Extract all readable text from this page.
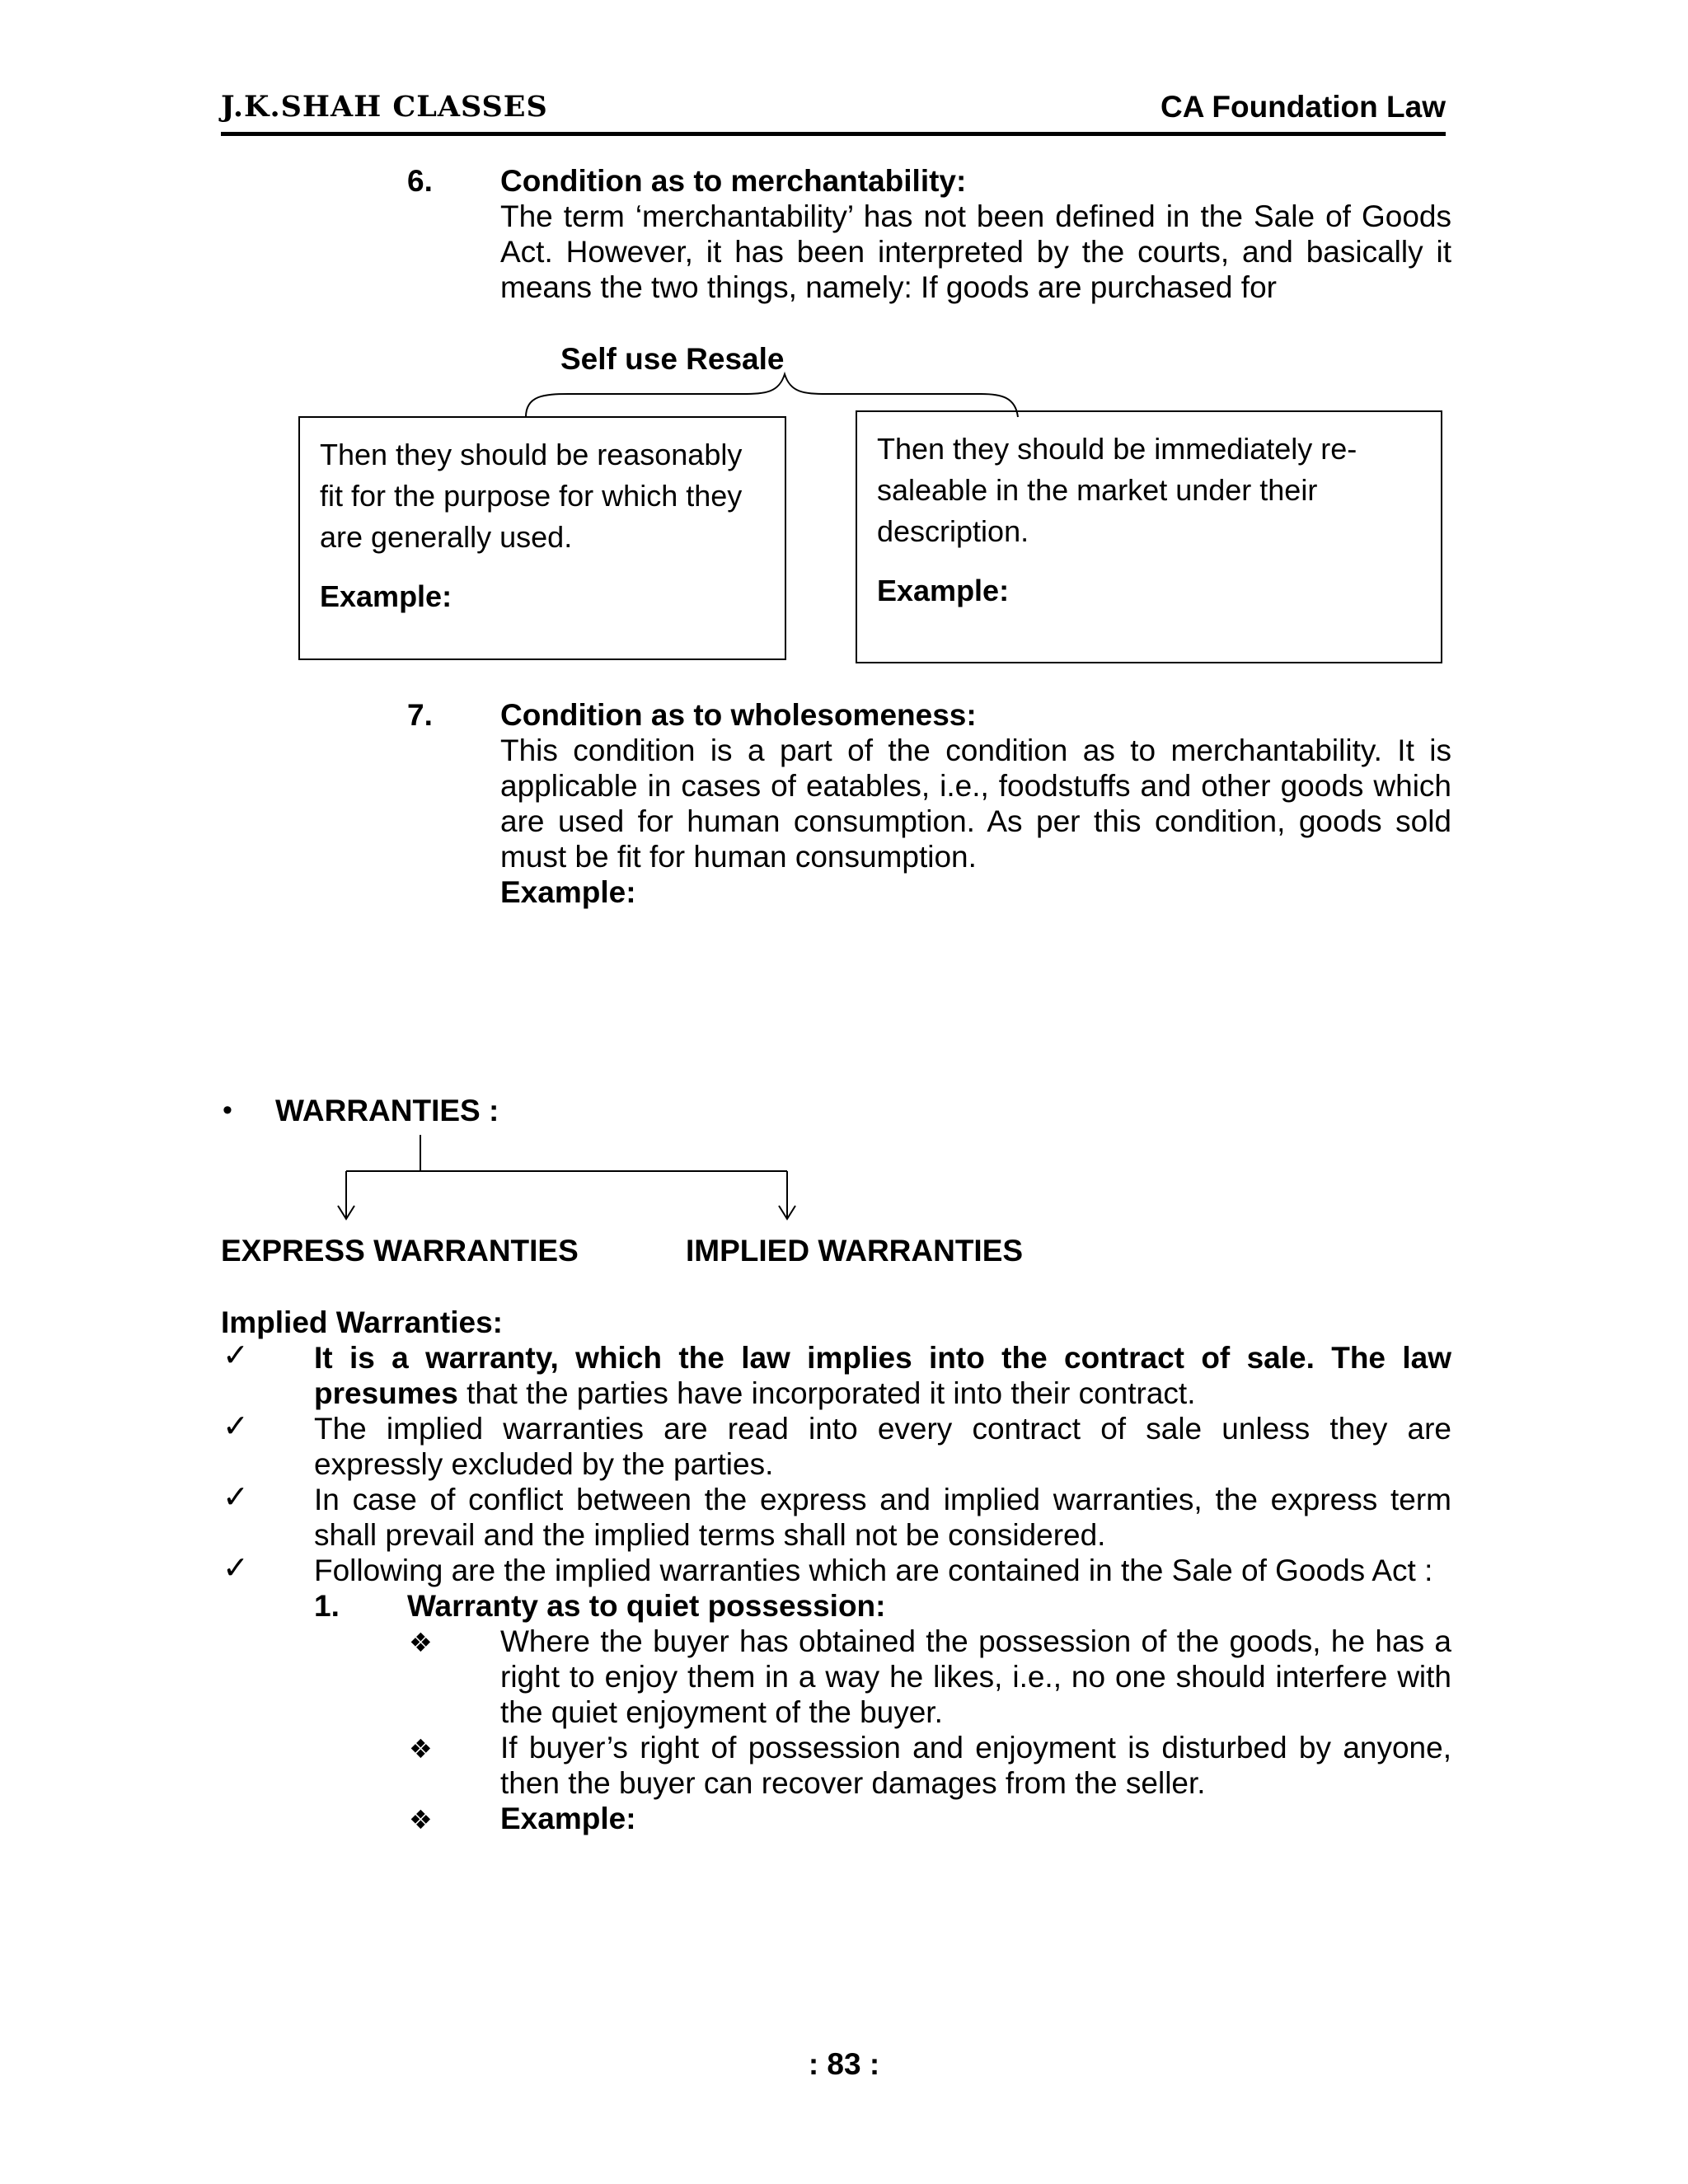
J.K.SHAH CLASSES	CA Foundation Law
6. Condition as to merchantability:
The term ‘merchantability’ has not been defined in the Sale of Goods
Act. However, it has been interpreted by the courts, and basically it
means the two things, namely: If goods are purchased for
Self use Resale
Then they should be reasonably
fit for the purpose for which they
are generally used.
Example:
Then they should be immediately re-
saleable in the market under their
description.
Example:
7. Condition as to wholesomeness:
This condition is a part of the condition as to merchantability. It is
applicable in cases of eatables, i.e., foodstuffs and other goods which
are used for human consumption. As per this condition, goods sold
must be fit for human consumption.
Example:
• WARRANTIES :
EXPRESS WARRANTIES	IMPLIED WARRANTIES
Implied Warranties:
✓ It is a warranty, which the law implies into the contract of sale. The law
presumes that the parties have incorporated it into their contract.
✓ The implied warranties are read into every contract of sale unless they are
expressly excluded by the parties.
✓ In case of conflict between the express and implied warranties, the express term
shall prevail and the implied terms shall not be considered.
✓ Following are the implied warranties which are contained in the Sale of Goods Act :
1. Warranty as to quiet possession:
❖ Where the buyer has obtained the possession of the goods, he has a
right to enjoy them in a way he likes, i.e., no one should interfere with
the quiet enjoyment of the buyer.
❖ If buyer’s right of possession and enjoyment is disturbed by anyone,
then the buyer can recover damages from the seller.
❖ Example:
: 83 :
